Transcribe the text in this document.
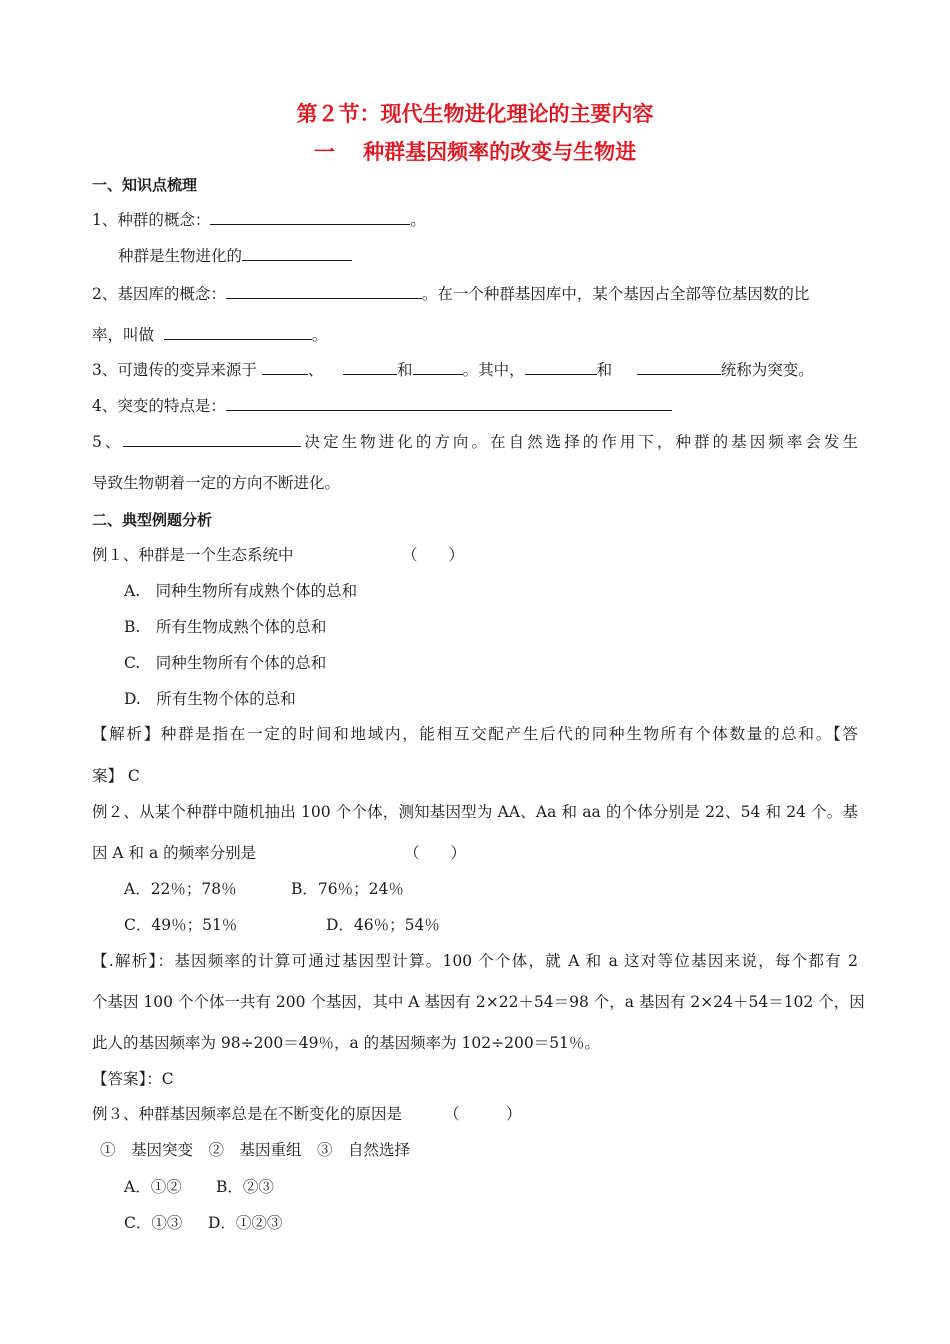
第２节：现代生物进化理论的主要内容
一　 种群基因频率的改变与生物进
一、知识点梳理
1、种群的概念：	。
种群是生物进化的
2、基因库的概念：	。在一个种群基因库中，某个基因占全部等位基因数的比
率，叫做	。
3、可遗传的变异来源于	、	和	。其中，	和	统称为突变。
4、突变的特点是：
5、	决定生物进化的方向。在自然选择的作用下，种群的基因频率会发生
导致生物朝着一定的方向不断进化。
二、典型例题分析
例１、种群是一个生态系统中	（　　）
A.　同种生物所有成熟个体的总和
B.　所有生物成熟个体的总和
C.　同种生物所有个体的总和
D.　所有生物个体的总和
【解析】种群是指在一定的时间和地域内，能相互交配产生后代的同种生物所有个体数量的总和。【答
案】 C
例２、从某个种群中随机抽出 100 个个体，测知基因型为 AA、Aa 和 aa 的个体分别是 22、54 和 24 个。基
因 A 和 a 的频率分别是	（　　）
A．22％；78％	B．76％；24％
C．49％；51％	D．46％；54％
【.解析】：基因频率的计算可通过基因型计算。100 个个体，就 A 和 a 这对等位基因来说，每个都有 2
个基因 100 个个体一共有 200 个基因，其中 A 基因有 2×22＋54＝98 个，a 基因有 2×24＋54＝102 个，因
此人的基因频率为 98÷200＝49％，a 的基因频率为 102÷200＝51％。
【答案】：C
例３、种群基因频率总是在不断变化的原因是	（　　　）
①　基因突变　②　基因重组　③　自然选择
A．①② B．②③
C．①③ D．①②③
